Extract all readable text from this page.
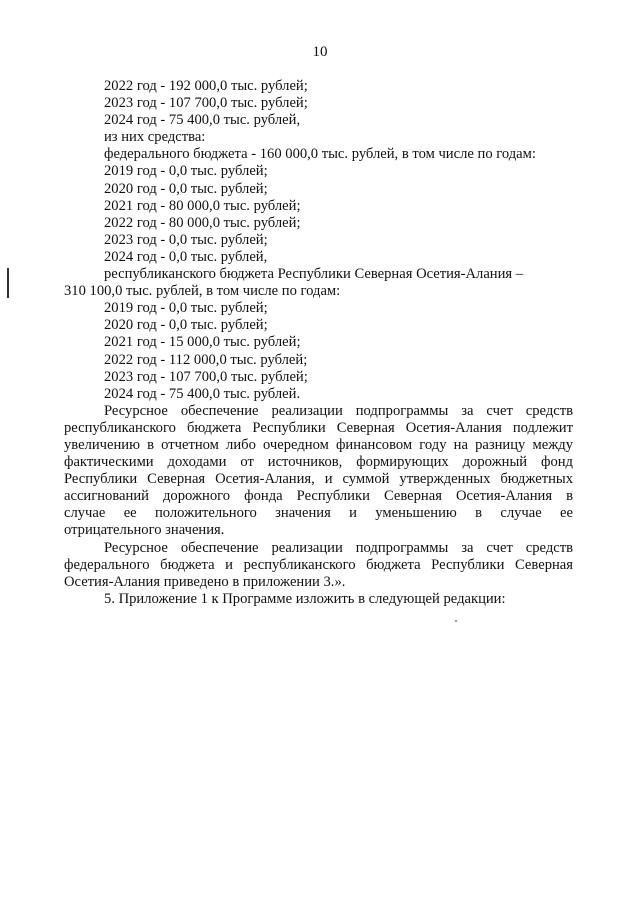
10
2022 год - 192 000,0 тыс. рублей;
2023 год - 107 700,0 тыс. рублей;
2024 год - 75 400,0 тыс. рублей,
из них средства:
федерального бюджета - 160 000,0 тыс. рублей, в том числе по годам:
2019 год - 0,0 тыс. рублей;
2020 год - 0,0 тыс. рублей;
2021 год - 80 000,0 тыс. рублей;
2022 год - 80 000,0 тыс. рублей;
2023 год - 0,0 тыс. рублей;
2024 год - 0,0 тыс. рублей,
республиканского бюджета Республики Северная Осетия-Алания –
310 100,0 тыс. рублей, в том числе по годам:
2019 год - 0,0 тыс. рублей;
2020 год - 0,0 тыс. рублей;
2021 год - 15 000,0 тыс. рублей;
2022 год - 112 000,0 тыс. рублей;
2023 год - 107 700,0 тыс. рублей;
2024 год - 75 400,0 тыс. рублей.
Ресурсное обеспечение реализации подпрограммы за счет средств
республиканского бюджета Республики Северная Осетия-Алания подлежит
увеличению в отчетном либо очередном финансовом году на разницу между
фактическими доходами от источников, формирующих дорожный фонд
Республики Северная Осетия-Алания, и суммой утвержденных бюджетных
ассигнований дорожного фонда Республики Северная Осетия-Алания в
случае ее положительного значения и уменьшению в случае ее
отрицательного значения.
Ресурсное обеспечение реализации подпрограммы за счет средств
федерального бюджета и республиканского бюджета Республики Северная
Осетия-Алания приведено в приложении 3.».
5. Приложение 1 к Программе изложить в следующей редакции:
